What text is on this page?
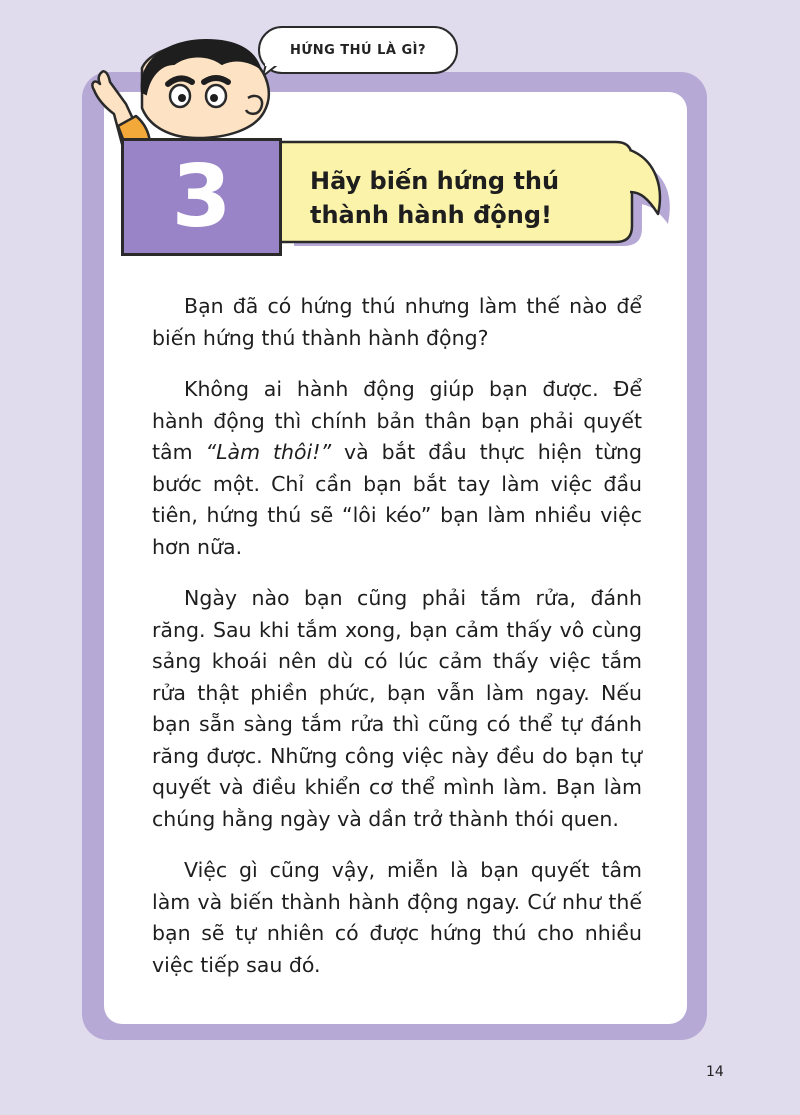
HỨNG THÚ LÀ GÌ?
3	Hãy biến hứng thú
thành hành động!

Bạn đã có hứng thú nhưng làm thế nào để biến hứng thú thành hành động?

Không ai hành động giúp bạn được. Để hành động thì chính bản thân bạn phải quyết tâm “Làm thôi!” và bắt đầu thực hiện từng bước một. Chỉ cần bạn bắt tay làm việc đầu tiên, hứng thú sẽ “lôi kéo” bạn làm nhiều việc hơn nữa.

Ngày nào bạn cũng phải tắm rửa, đánh răng. Sau khi tắm xong, bạn cảm thấy vô cùng sảng khoái nên dù có lúc cảm thấy việc tắm rửa thật phiền phức, bạn vẫn làm ngay. Nếu bạn sẵn sàng tắm rửa thì cũng có thể tự đánh răng được. Những công việc này đều do bạn tự quyết và điều khiển cơ thể mình làm. Bạn làm chúng hằng ngày và dần trở thành thói quen.

Việc gì cũng vậy, miễn là bạn quyết tâm làm và biến thành hành động ngay. Cứ như thế bạn sẽ tự nhiên có được hứng thú cho nhiều việc tiếp sau đó.

14
